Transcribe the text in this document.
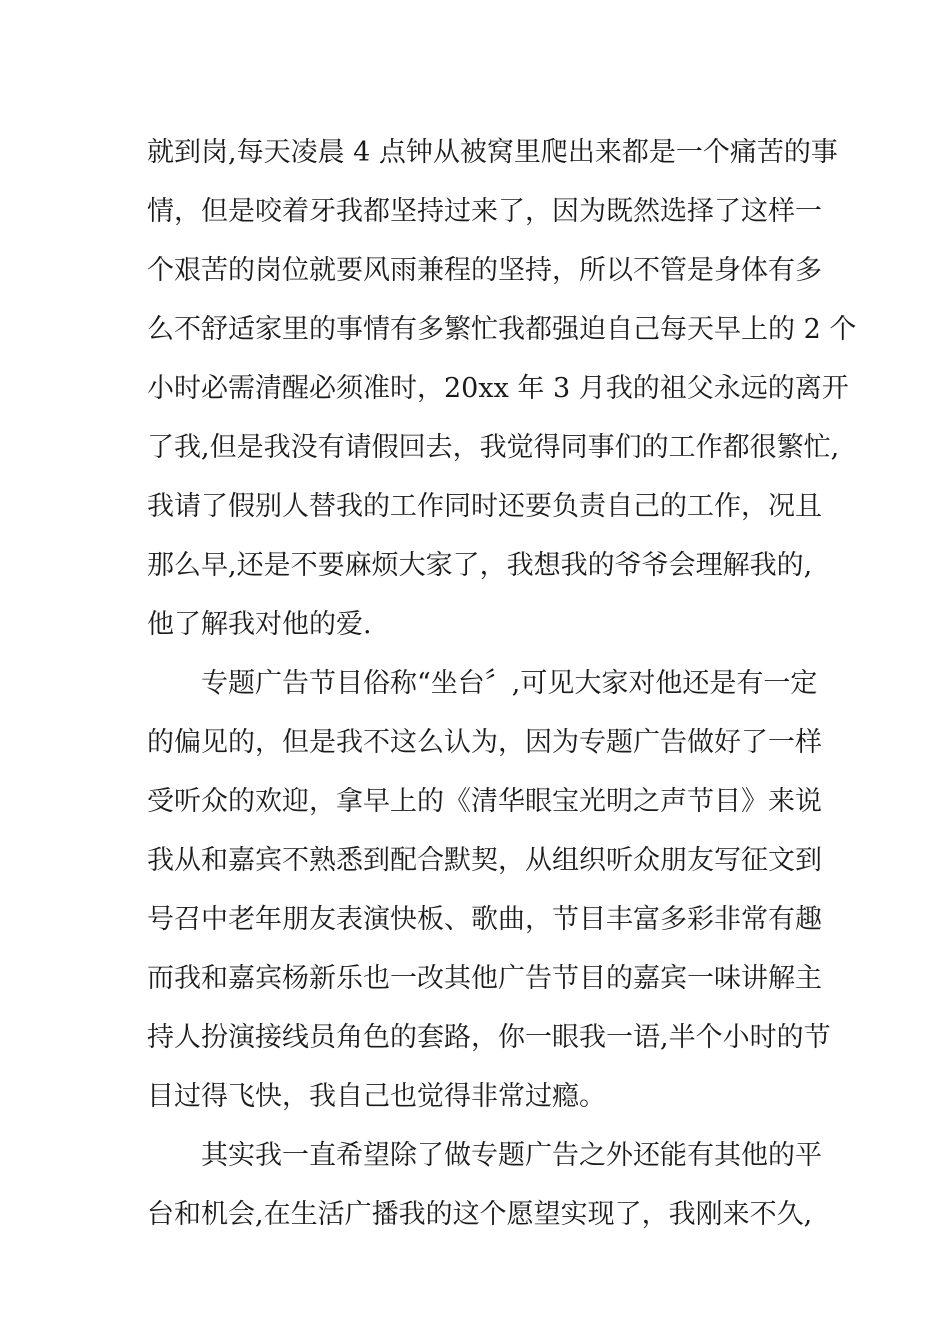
就到岗,每天凌晨 4 点钟从被窝里爬出来都是一个痛苦的事
情，但是咬着牙我都坚持过来了，因为既然选择了这样一
个艰苦的岗位就要风雨兼程的坚持，所以不管是身体有多
么不舒适家里的事情有多繁忙我都强迫自己每天早上的 2 个
小时必需清醒必须准时，20xx 年 3 月我的祖父永远的离开
了我,但是我没有请假回去，我觉得同事们的工作都很繁忙,
我请了假别人替我的工作同时还要负责自己的工作，况且
那么早,还是不要麻烦大家了，我想我的爷爷会理解我的,
他了解我对他的爱.
专题广告节目俗称“坐台〞,可见大家对他还是有一定
的偏见的，但是我不这么认为，因为专题广告做好了一样
受听众的欢迎，拿早上的《清华眼宝光明之声节目》来说
我从和嘉宾不熟悉到配合默契，从组织听众朋友写征文到
号召中老年朋友表演快板、歌曲，节目丰富多彩非常有趣
而我和嘉宾杨新乐也一改其他广告节目的嘉宾一味讲解主
持人扮演接线员角色的套路，你一眼我一语,半个小时的节
目过得飞快，我自己也觉得非常过瘾。
其实我一直希望除了做专题广告之外还能有其他的平
台和机会,在生活广播我的这个愿望实现了，我刚来不久,
